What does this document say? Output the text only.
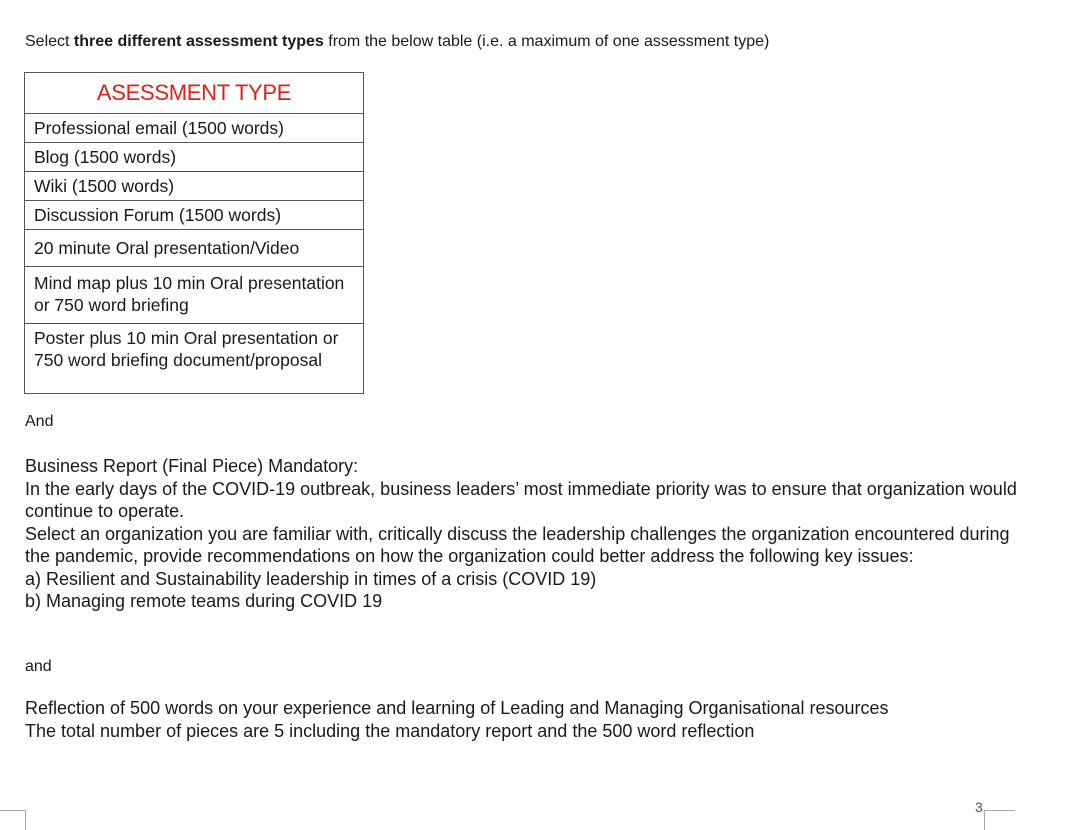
Select three different assessment types from the below table (i.e. a maximum of one assessment type)
ASESSMENT TYPE
Professional email (1500 words)
Blog (1500 words)
Wiki (1500 words)
Discussion Forum (1500 words)
20 minute Oral presentation/Video
Mind map plus 10 min Oral presentation or 750 word briefing
Poster plus 10 min Oral presentation or 750 word briefing document/proposal
And
Business Report (Final Piece) Mandatory:
In the early days of the COVID-19 outbreak, business leaders’ most immediate priority was to ensure that organization would continue to operate.
Select an organization you are familiar with, critically discuss the leadership challenges the organization encountered during the pandemic, provide recommendations on how the organization could better address the following key issues:
a) Resilient and Sustainability leadership in times of a crisis (COVID 19)
b) Managing remote teams during COVID 19
and
Reflection of 500 words on your experience and learning of Leading and Managing Organisational resources
The total number of pieces are 5 including the mandatory report and the 500 word reflection
3
